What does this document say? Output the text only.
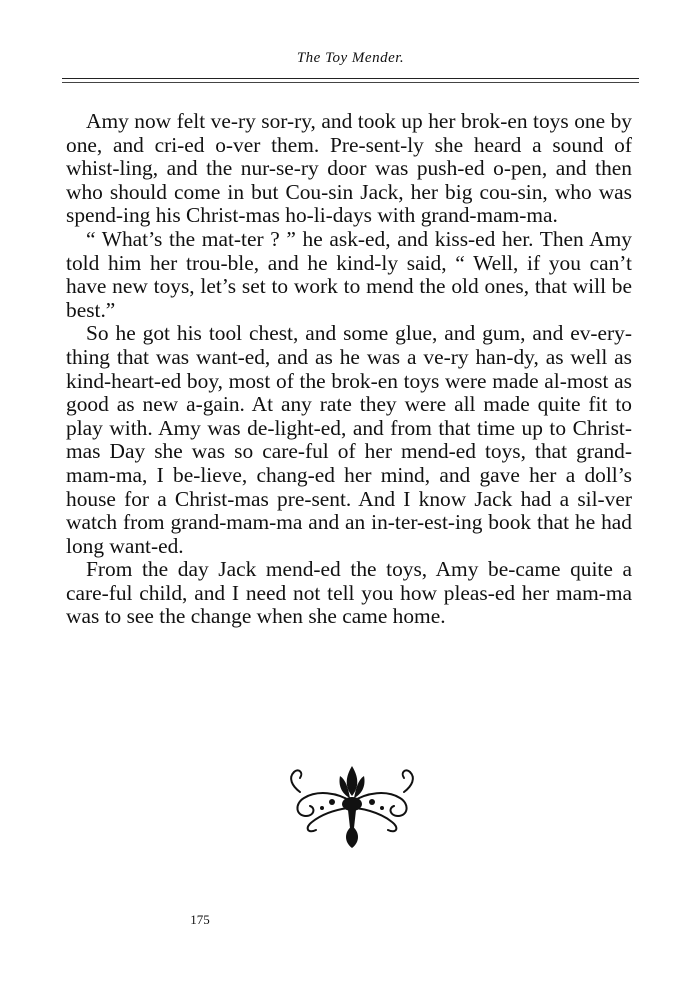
The Toy Mender.

Amy now felt ve-ry sor-ry, and took up her brok-en toys one by one, and cri-ed o-ver them. Pre-sent-ly she heard a sound of whist-ling, and the nur-se-ry door was push-ed o-pen, and then who should come in but Cou-sin Jack, her big cou-sin, who was spend-ing his Christ-mas ho-li-days with grand-mam-ma.

“ What’s the mat-ter ? ” he ask-ed, and kiss-ed her. Then Amy told him her trou-ble, and he kind-ly said, “ Well, if you can’t have new toys, let’s set to work to mend the old ones, that will be best.”

So he got his tool chest, and some glue, and gum, and ev-ery-thing that was want-ed, and as he was a ve-ry han-dy, as well as kind-heart-ed boy, most of the brok-en toys were made al-most as good as new a-gain. At any rate they were all made quite fit to play with. Amy was de-light-ed, and from that time up to Christ-mas Day she was so care-ful of her mend-ed toys, that grand-mam-ma, I be-lieve, chang-ed her mind, and gave her a doll’s house for a Christ-mas pre-sent. And I know Jack had a sil-ver watch from grand-mam-ma and an in-ter-est-ing book that he had long want-ed.

From the day Jack mend-ed the toys, Amy be-came quite a care-ful child, and I need not tell you how pleas-ed her mam-ma was to see the change when she came home.

175
